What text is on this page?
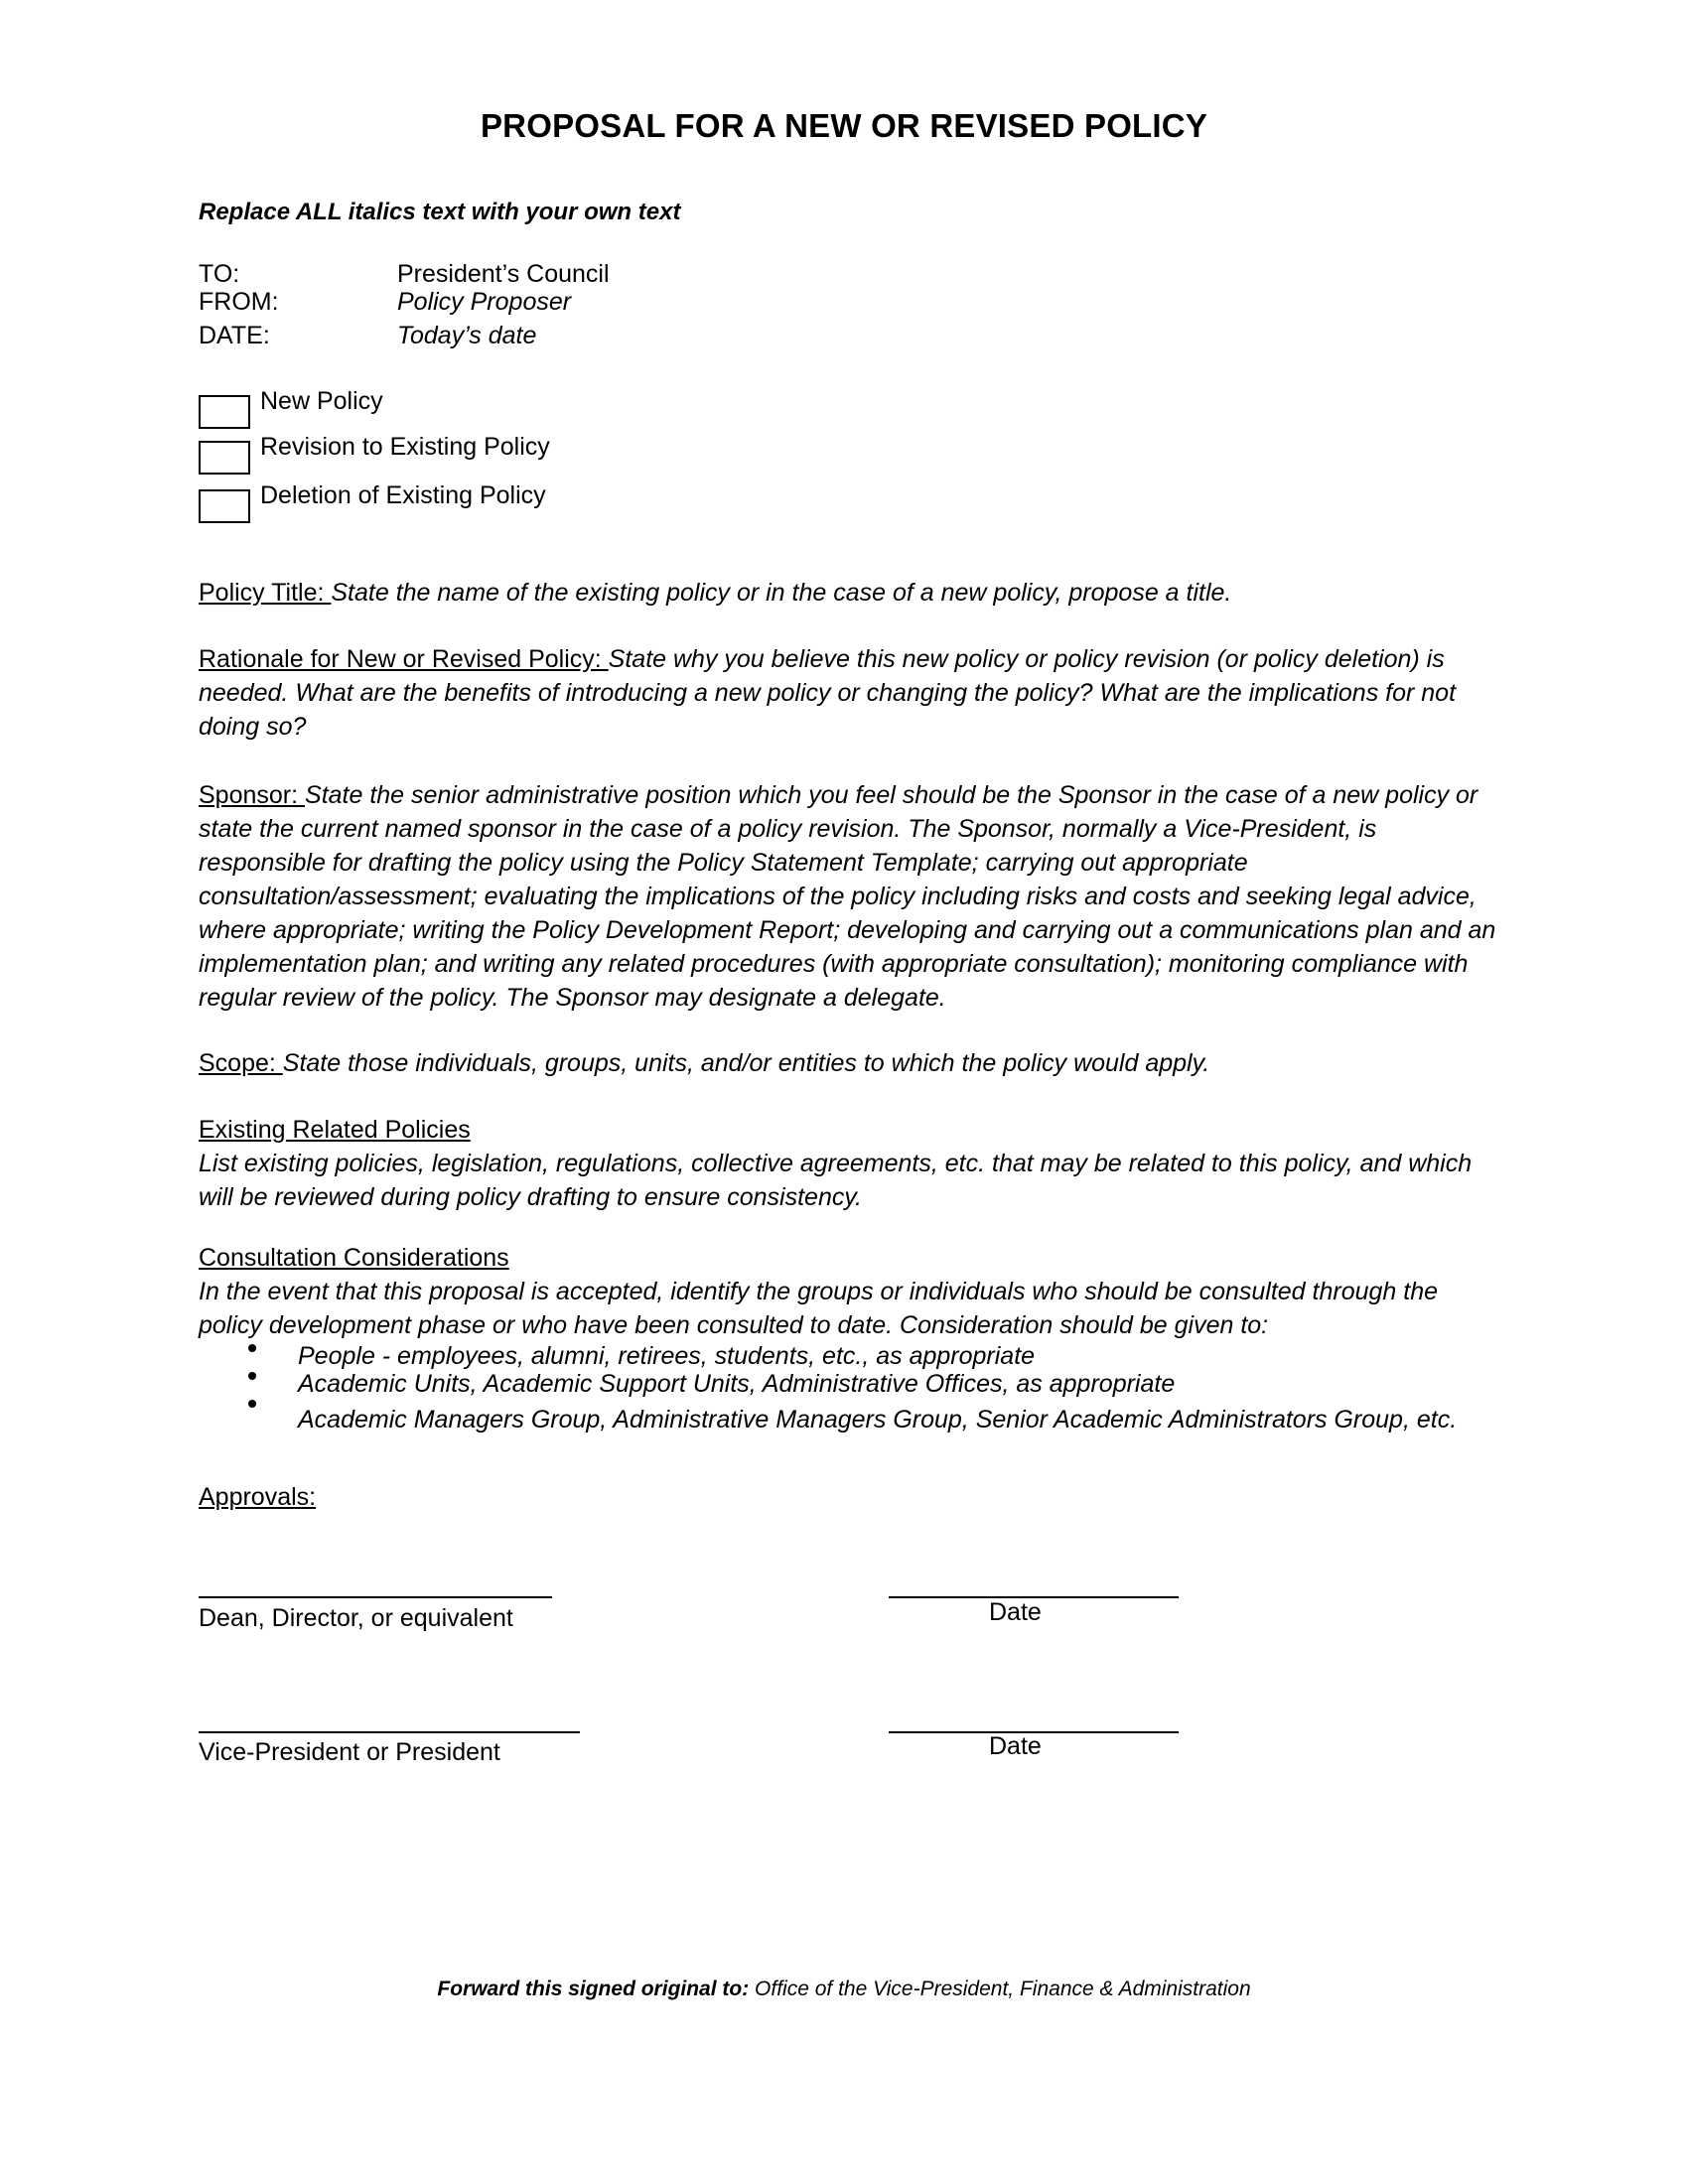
PROPOSAL FOR A NEW OR REVISED POLICY
Replace ALL italics text with your own text
TO:	President’s Council
FROM:	Policy Proposer
DATE:	Today’s date
New Policy
Revision to Existing Policy
Deletion of Existing Policy
Policy Title: State the name of the existing policy or in the case of a new policy, propose a title.
Rationale for New or Revised Policy: State why you believe this new policy or policy revision (or policy deletion) is needed. What are the benefits of introducing a new policy or changing the policy? What are the implications for not doing so?
Sponsor: State the senior administrative position which you feel should be the Sponsor in the case of a new policy or state the current named sponsor in the case of a policy revision. The Sponsor, normally a Vice-President, is responsible for drafting the policy using the Policy Statement Template; carrying out appropriate consultation/assessment; evaluating the implications of the policy including risks and costs and seeking legal advice, where appropriate; writing the Policy Development Report; developing and carrying out a communications plan and an implementation plan; and writing any related procedures (with appropriate consultation); monitoring compliance with regular review of the policy. The Sponsor may designate a delegate.
Scope: State those individuals, groups, units, and/or entities to which the policy would apply.
Existing Related Policies
List existing policies, legislation, regulations, collective agreements, etc. that may be related to this policy, and which will be reviewed during policy drafting to ensure consistency.
Consultation Considerations
In the event that this proposal is accepted, identify the groups or individuals who should be consulted through the policy development phase or who have been consulted to date. Consideration should be given to:
People - employees, alumni, retirees, students, etc., as appropriate
Academic Units, Academic Support Units, Administrative Offices, as appropriate
Academic Managers Group, Administrative Managers Group, Senior Academic Administrators Group, etc.
Approvals:
Dean, Director, or equivalent	Date
Vice-President or President	Date
Forward this signed original to: Office of the Vice-President, Finance & Administration
